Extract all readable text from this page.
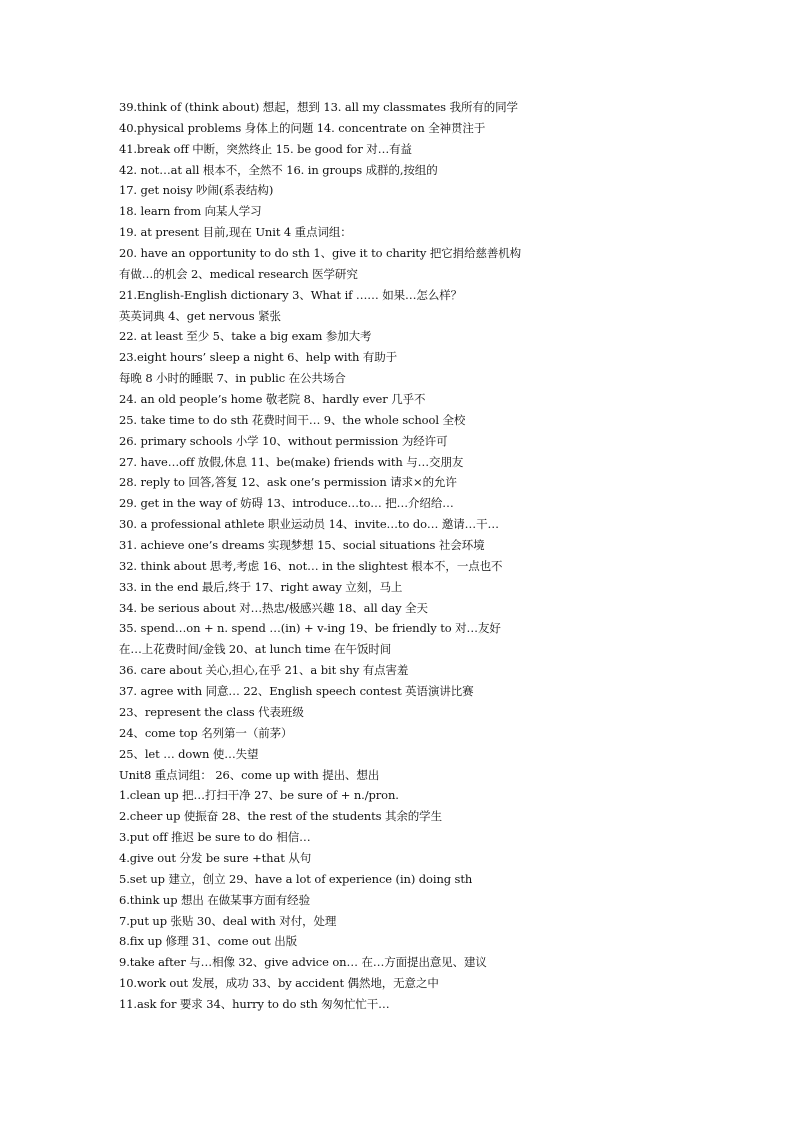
39.think of (think about) 想起，想到 13. all my classmates 我所有的同学
40.physical problems 身体上的问题 14. concentrate on 全神贯注于
41.break off 中断，突然终止 15. be good for 对…有益
42. not…at all 根本不，全然不 16. in groups 成群的,按组的
17. get noisy 吵闹(系表结构)
18. learn from 向某人学习
19. at present 目前,现在 Unit 4 重点词组：
20. have an opportunity to do sth 1、give it to charity 把它捐给慈善机构
有做…的机会 2、medical research 医学研究
21.English-English dictionary 3、What if …… 如果…怎么样？
英英词典 4、get nervous 紧张
22. at least 至少 5、take a big exam 参加大考
23.eight hours’ sleep a night 6、help with 有助于
每晚 8 小时的睡眠 7、in public 在公共场合
24. an old people’s home 敬老院 8、hardly ever 几乎不
25. take time to do sth 花费时间干… 9、the whole school 全校
26. primary schools 小学 10、without permission 为经许可
27. have…off 放假,休息 11、be(make) friends with 与…交朋友
28. reply to 回答,答复 12、ask one’s permission 请求×的允许
29. get in the way of 妨碍 13、introduce…to… 把…介绍给…
30. a professional athlete 职业运动员 14、invite…to do… 邀请…干…
31. achieve one’s dreams 实现梦想 15、social situations 社会环境
32. think about 思考,考虑 16、not… in the slightest 根本不，一点也不
33. in the end 最后,终于 17、right away 立刻，马上
34. be serious about 对…热忠/极感兴趣 18、all day 全天
35. spend…on + n. spend …(in) + v-ing 19、be friendly to 对…友好
在…上花费时间/金钱 20、at lunch time 在午饭时间
36. care about 关心,担心,在乎 21、a bit shy 有点害羞
37. agree with 同意… 22、English speech contest 英语演讲比赛
23、represent the class 代表班级
24、come top 名列第一（前茅）
25、let … down 使…失望
Unit8 重点词组： 26、come up with 提出、想出
1.clean up 把…打扫干净 27、be sure of + n./pron.
2.cheer up 使振奋 28、the rest of the students 其余的学生
3.put off 推迟 be sure to do 相信…
4.give out 分发 be sure +that 从句
5.set up 建立，创立 29、have a lot of experience (in) doing sth
6.think up 想出 在做某事方面有经验
7.put up 张贴 30、deal with 对付，处理
8.fix up 修理 31、come out 出版
9.take after 与…相像 32、give advice on… 在…方面提出意见、建议
10.work out 发展，成功 33、by accident 偶然地，无意之中
11.ask for 要求 34、hurry to do sth 匆匆忙忙干…
